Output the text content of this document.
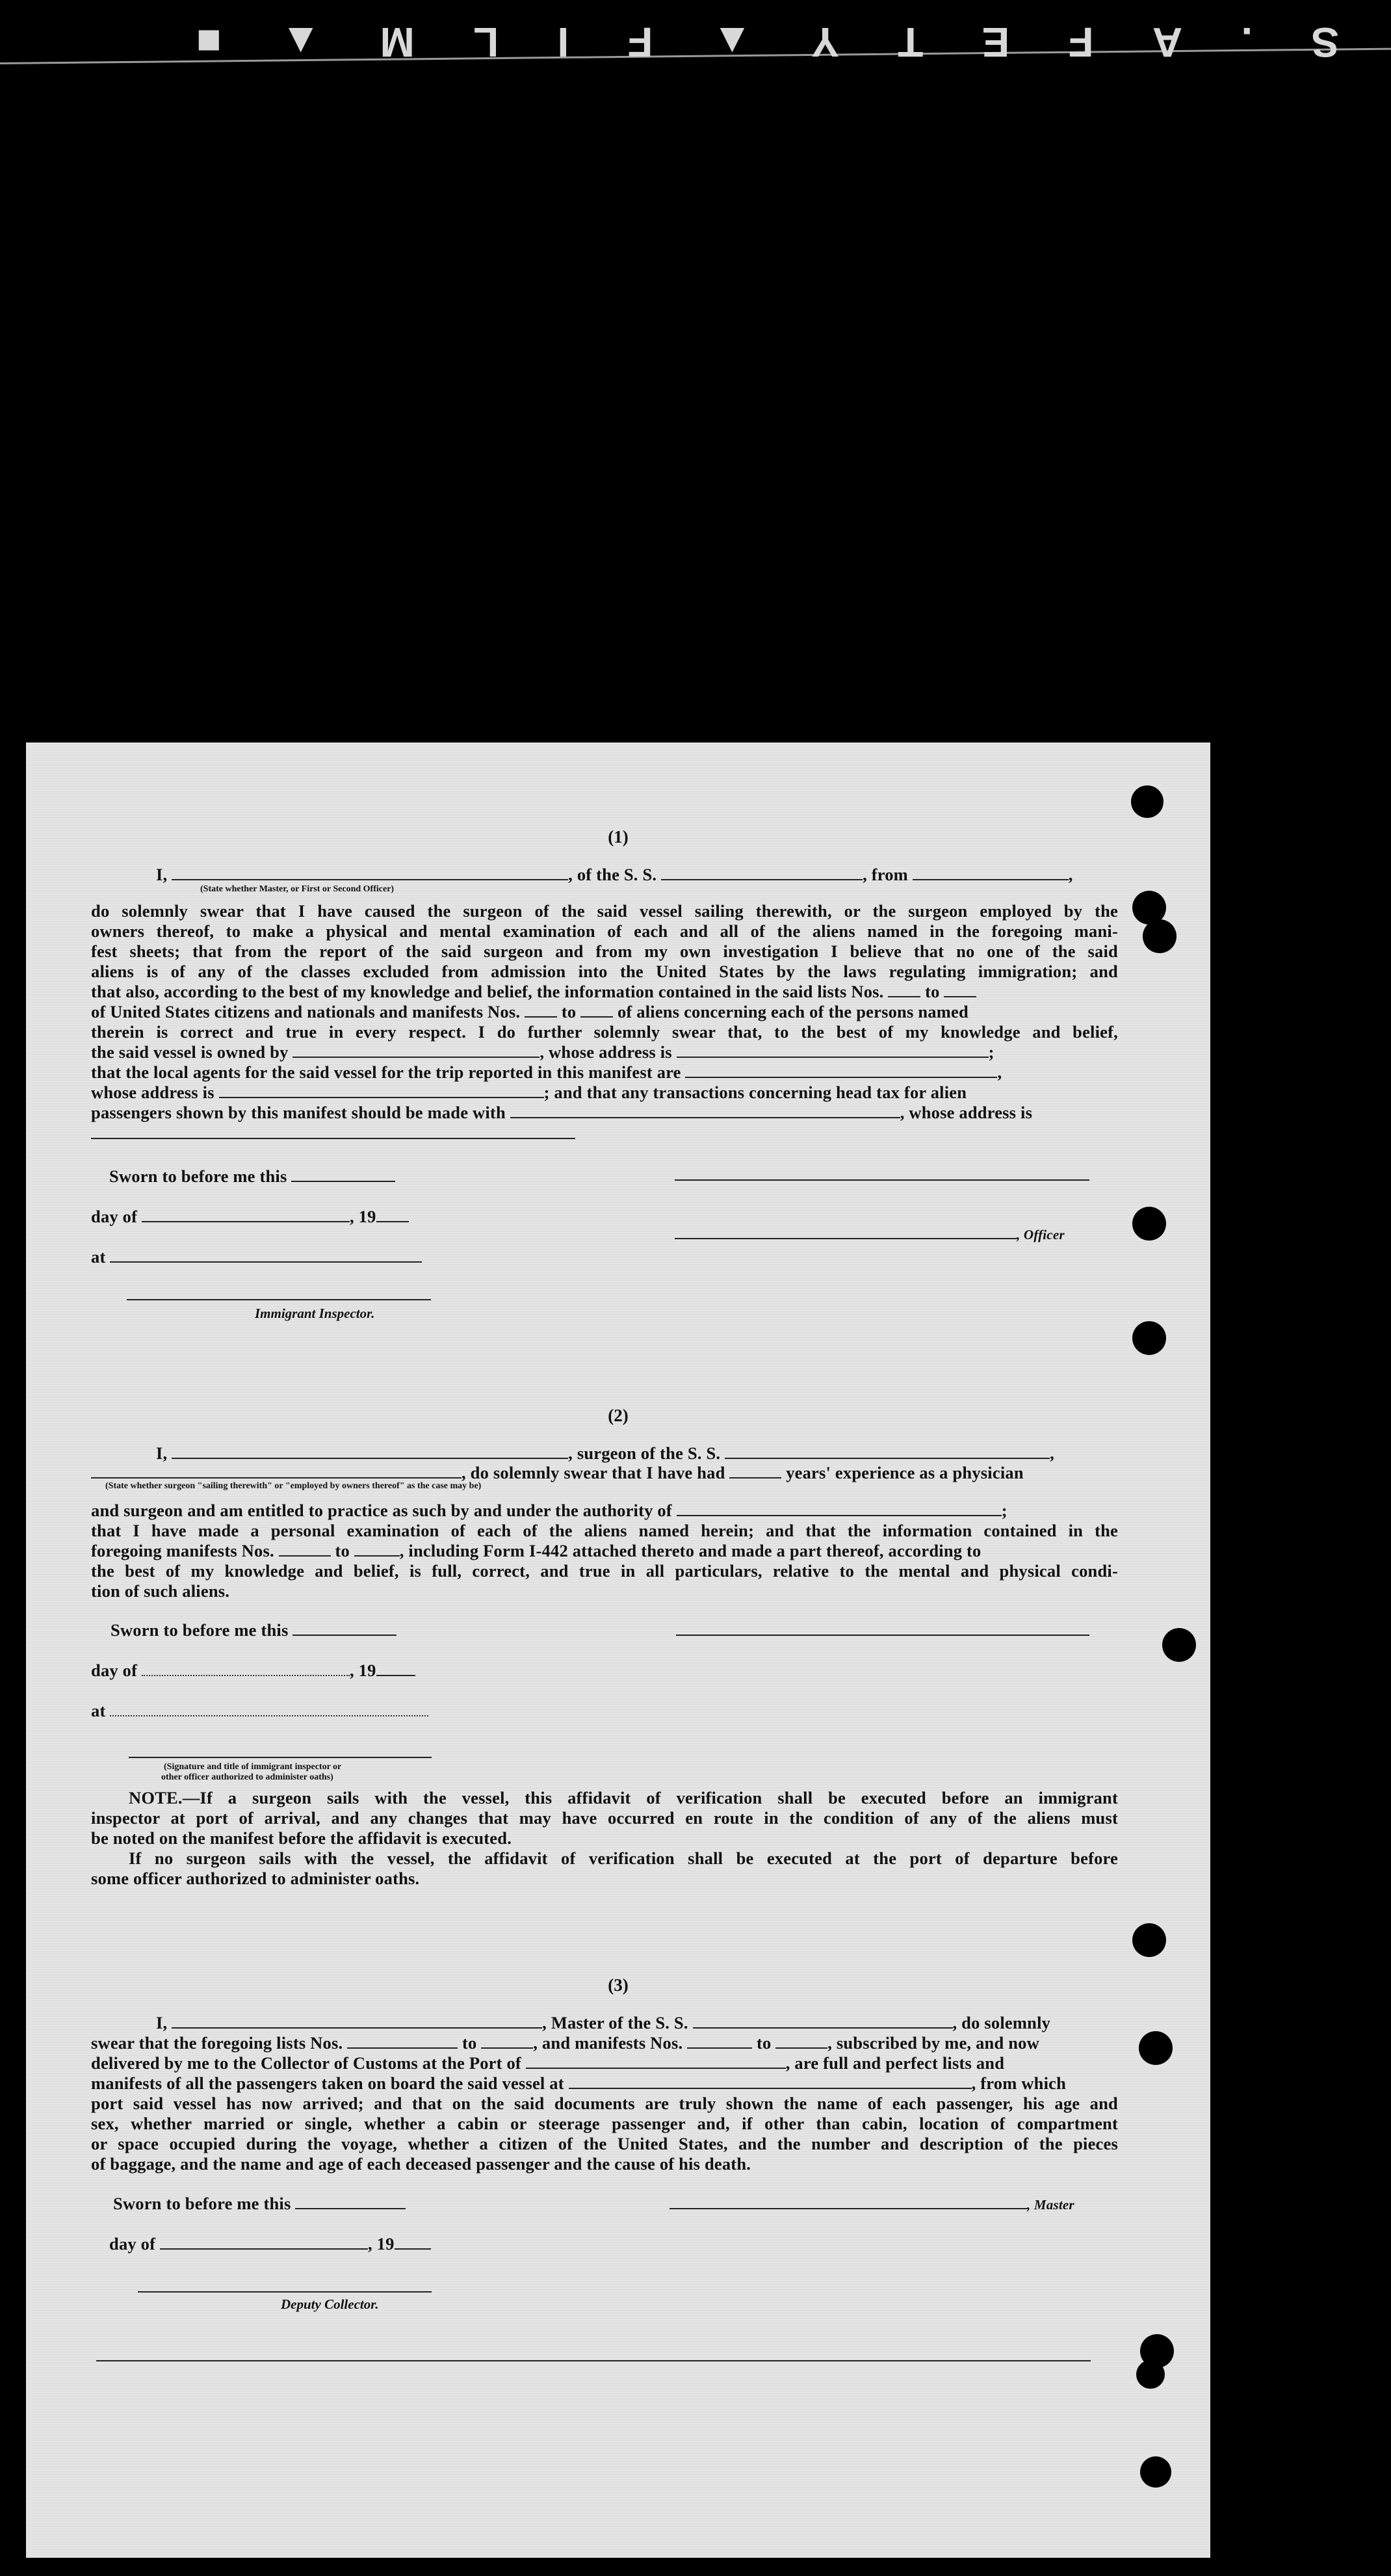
S
.
A
F
E
T
Y
▲
F
I
L
M
▲
■
(1)
I,	, of the S. S.	, from	,
(State whether Master, or First or Second Officer)
do solemnly swear that I have caused the surgeon of the said vessel sailing therewith, or the surgeon employed by the
owners thereof, to make a physical and mental examination of each and all of the aliens named in the foregoing mani-
fest sheets; that from the report of the said surgeon and from my own investigation I believe that no one of the said
aliens is of any of the classes excluded from admission into the United States by the laws regulating immigration; and
that also, according to the best of my knowledge and belief, the information contained in the said lists Nos. to
of United States citizens and nationals and manifests Nos. to of aliens concerning each of the persons named
therein is correct and true in every respect. I do further solemnly swear that, to the best of my knowledge and belief,
the said vessel is owned by	, whose address is	;
that the local agents for the said vessel for the trip reported in this manifest are	,
whose address is	; and that any transactions concerning head tax for alien
passengers shown by this manifest should be made with	, whose address is
Sworn to before me this
day of	, 19
, Officer
at
Immigrant Inspector.
(2)
I,	, surgeon of the S. S.	,
, do solemnly swear that I have had	years' experience as a physician
(State whether surgeon "sailing therewith" or "employed by owners thereof" as the case may be)
and surgeon and am entitled to practice as such by and under the authority of	;
that I have made a personal examination of each of the aliens named herein; and that the information contained in the
foregoing manifests Nos.	to	, including Form I-442 attached thereto and made a part thereof, according to
the best of my knowledge and belief, is full, correct, and true in all particulars, relative to the mental and physical condi-
tion of such aliens.
Sworn to before me this
day of	, 19
at
(Signature and title of immigrant inspector or
other officer authorized to administer oaths)
NOTE.—If a surgeon sails with the vessel, this affidavit of verification shall be executed before an immigrant
inspector at port of arrival, and any changes that may have occurred en route in the condition of any of the aliens must
be noted on the manifest before the affidavit is executed.
If no surgeon sails with the vessel, the affidavit of verification shall be executed at the port of departure before
some officer authorized to administer oaths.
(3)
I,	, Master of the S. S.	, do solemnly
swear that the foregoing lists Nos.	to	, and manifests Nos.	to	, subscribed by me, and now
delivered by me to the Collector of Customs at the Port of	, are full and perfect lists and
manifests of all the passengers taken on board the said vessel at	, from which
port said vessel has now arrived; and that on the said documents are truly shown the name of each passenger, his age and
sex, whether married or single, whether a cabin or steerage passenger and, if other than cabin, location of compartment
or space occupied during the voyage, whether a citizen of the United States, and the number and description of the pieces
of baggage, and the name and age of each deceased passenger and the cause of his death.
Sworn to before me this	, Master
day of	, 19
Deputy Collector.
